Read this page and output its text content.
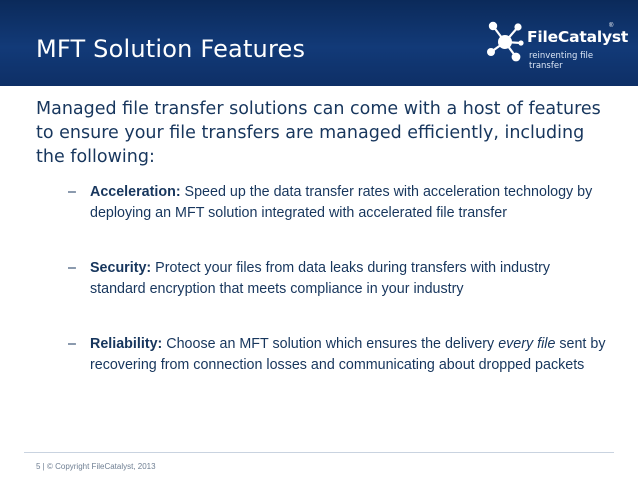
MFT Solution Features	FileCatalyst
®
reinventing file transfer
Managed file transfer solutions can come with a host of features to ensure your file transfers are managed efficiently, including the following:
– Acceleration: Speed up the data transfer rates with acceleration technology by deploying an MFT solution integrated with accelerated file transfer
– Security: Protect your files from data leaks during transfers with industry standard encryption that meets compliance in your industry
– Reliability: Choose an MFT solution which ensures the delivery every file sent by recovering from connection losses and communicating about dropped packets
5 | © Copyright FileCatalyst, 2013
